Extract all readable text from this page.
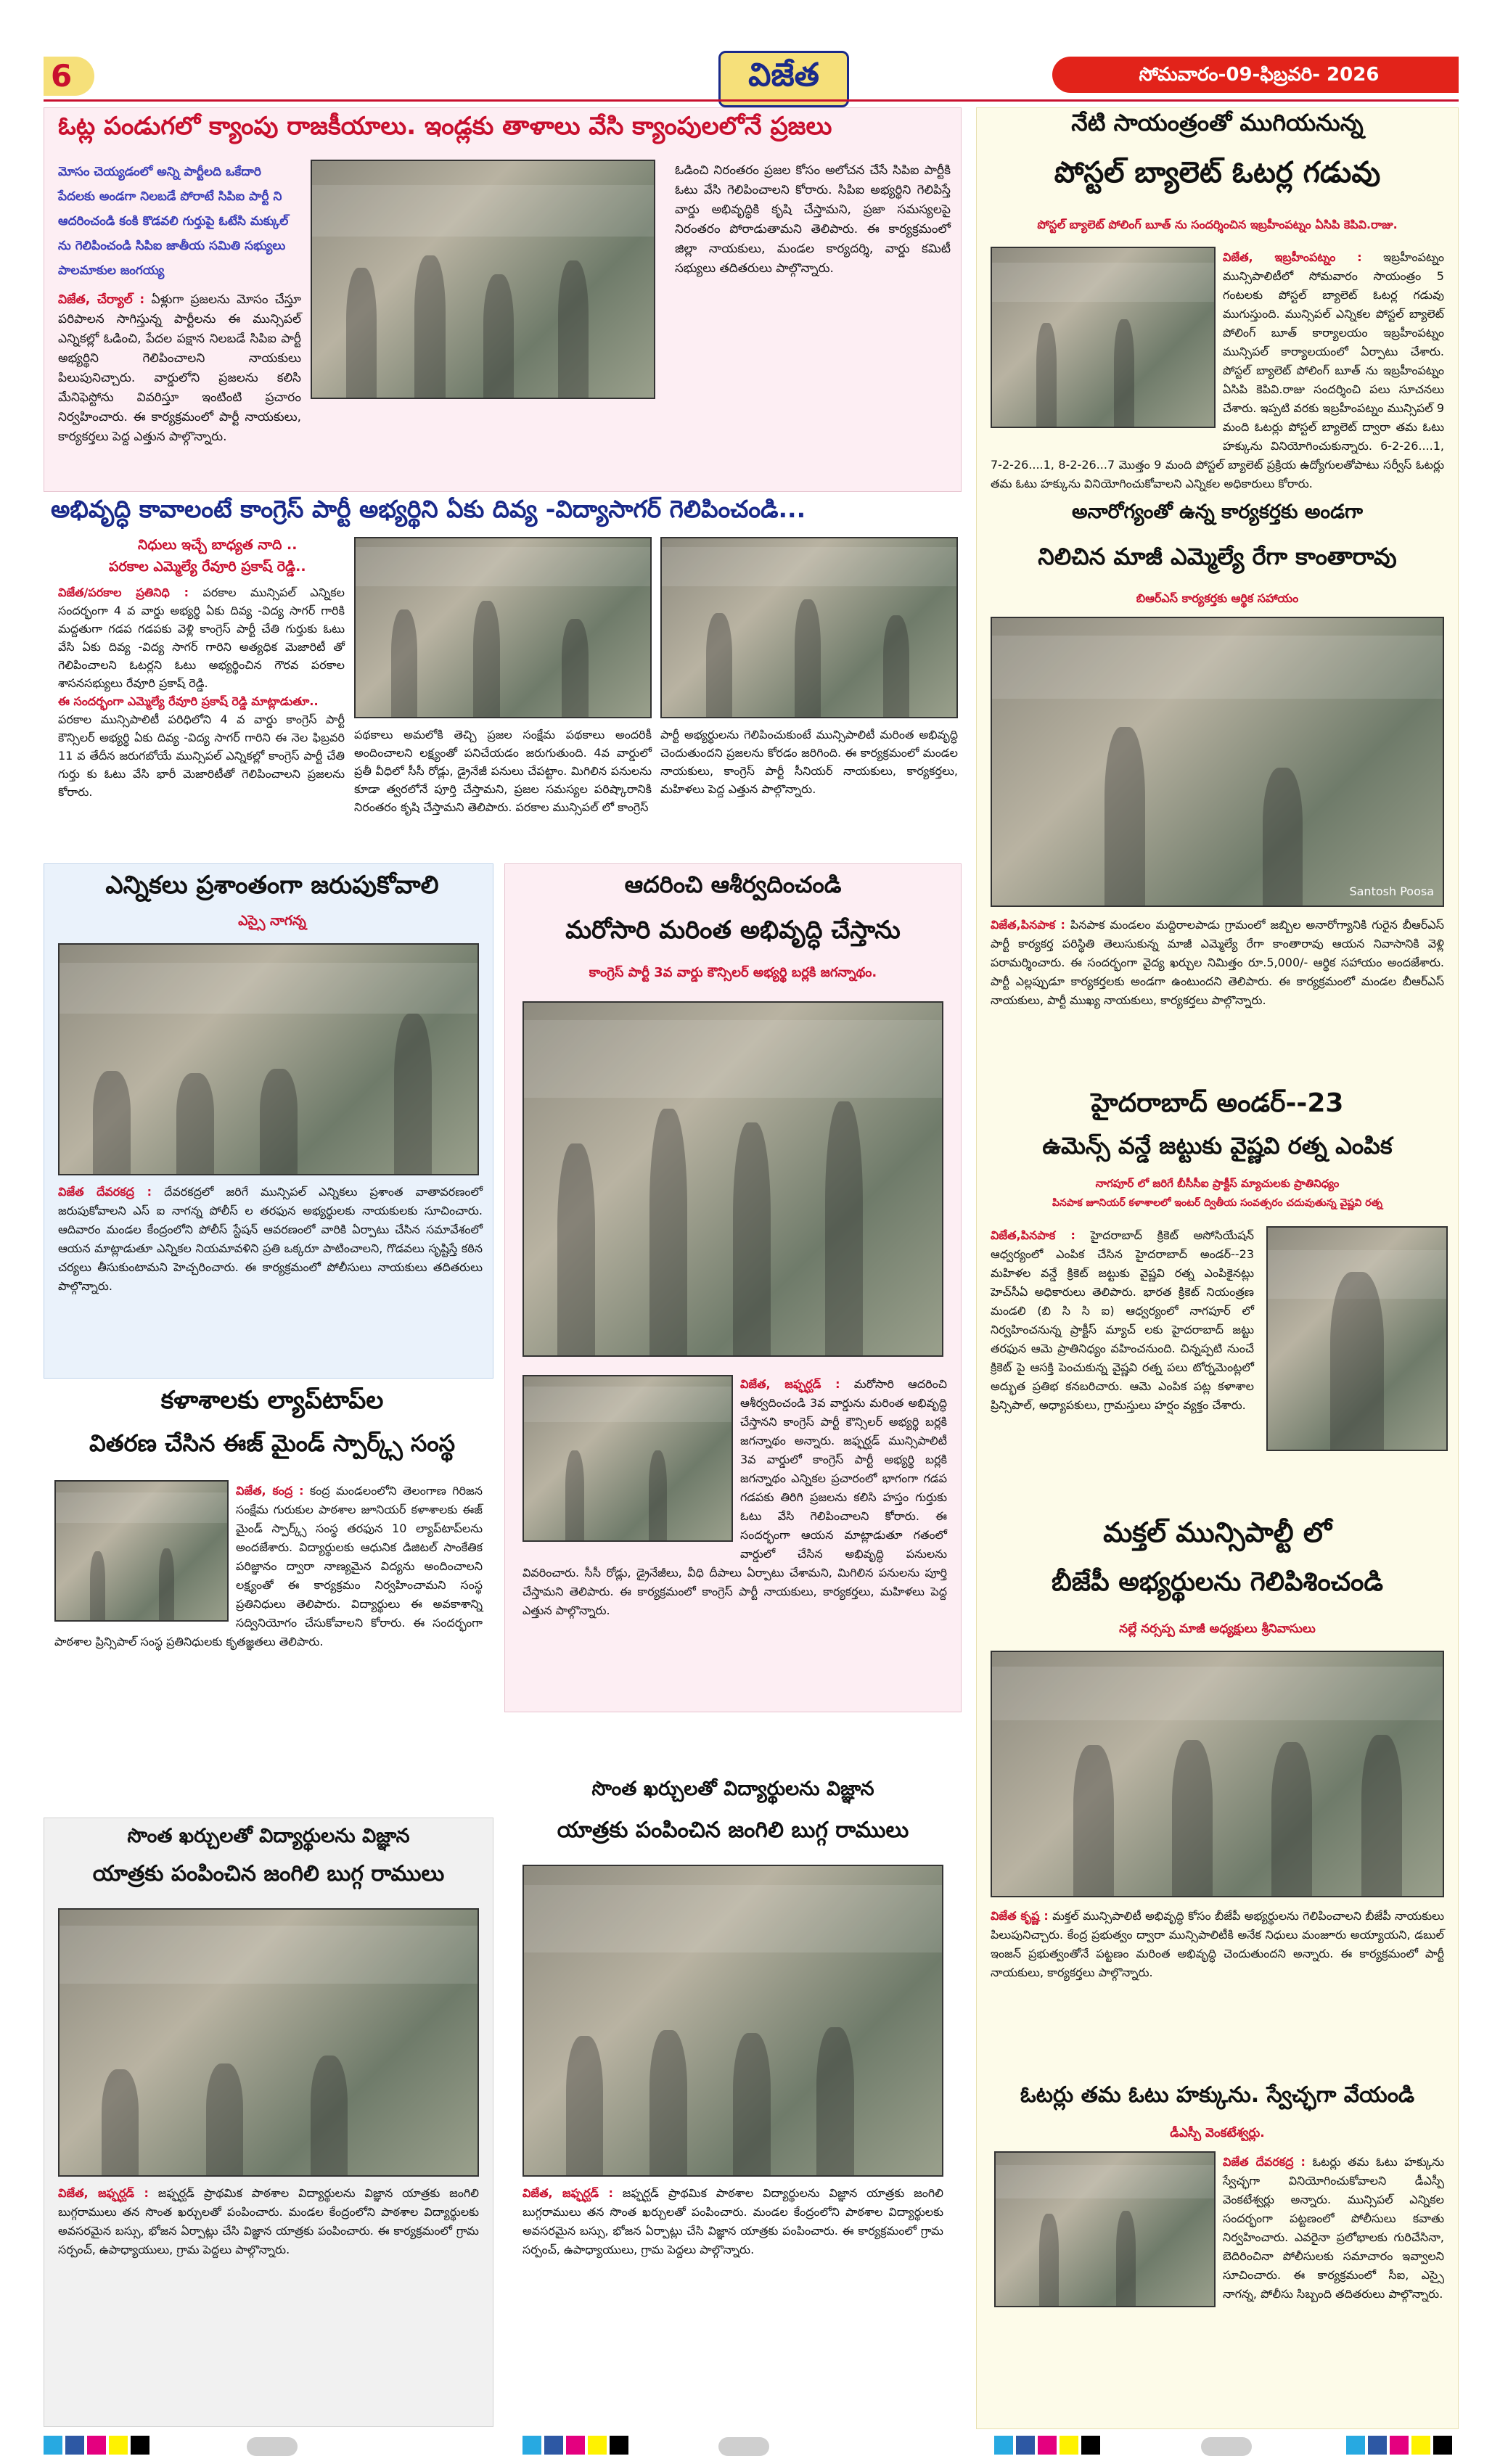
6	విజేత	సోమవారం-09-ఫిబ్రవరి- 2026
ఓట్ల పండుగలో క్యాంపు రాజకీయాలు. ఇండ్లకు తాళాలు వేసి క్యాంపులలోనే ప్రజలు
మోసం చెయ్యడంలో అన్ని పార్టీలది ఒకేదారి పేదలకు అండగా నిలబడే పోరాటే సిపిఐ పార్టీ ని ఆదరించండి కంకి కొడవలి గుర్తుపై ఓటేసి మక్కుల్ ను గెలిపించండి సిపిఐ జాతీయ సమితి సభ్యులు పాలమాకుల జంగయ్య
విజేత, చేర్యాల్ : ఏళ్లుగా ప్రజలను మోసం చేస్తూ పరిపాలన సాగిస్తున్న పార్టీలను ఈ మున్సిపల్ ఎన్నికల్లో ఓడించి, పేదల పక్షాన నిలబడే సిపిఐ పార్టీ అభ్యర్థిని గెలిపించాలని నాయకులు పిలుపునిచ్చారు. వార్డులోని ప్రజలను కలిసి మేనిఫెస్టోను వివరిస్తూ ఇంటింటి ప్రచారం నిర్వహించారు. ఈ కార్యక్రమంలో పార్టీ నాయకులు, కార్యకర్తలు పెద్ద ఎత్తున పాల్గొన్నారు.
ఓడించి నిరంతరం ప్రజల కోసం అలోచన చేసే సిపిఐ పార్టీకి ఓటు వేసి గెలిపించాలని కోరారు. సిపిఐ అభ్యర్థిని గెలిపిస్తే వార్డు అభివృద్ధికి కృషి చేస్తామని, ప్రజా సమస్యలపై నిరంతరం పోరాడుతామని తెలిపారు. ఈ కార్యక్రమంలో జిల్లా నాయకులు, మండల కార్యదర్శి, వార్డు కమిటీ సభ్యులు తదితరులు పాల్గొన్నారు.
అభివృద్ధి కావాలంటే కాంగ్రెస్ పార్టీ అభ్యర్థిని ఏకు దివ్య -విద్యాసాగర్ గెలిపించండి...
నిధులు ఇచ్చే బాధ్యత నాది ..
పరకాల ఎమ్మెల్యే రేవూరి ప్రకాష్ రెడ్డి..
విజేత/పరకాల ప్రతినిధి : పరకాల మున్సిపల్ ఎన్నికల సందర్భంగా 4 వ వార్డు అభ్యర్థి ఏకు దివ్య -విద్య సాగర్ గారికి మద్దతుగా గడప గడపకు వెళ్లి కాంగ్రెస్ పార్టీ చేతి గుర్తుకు ఓటు వేసి ఏకు దివ్య -విద్య సాగర్ గారిని అత్యధిక మెజారిటీ తో గెలిపించాలని ఓటర్లని ఓటు అభ్యర్థించిన గౌరవ పరకాల శాసనసభ్యులు రేవూరి ప్రకాష్ రెడ్డి.
ఈ సందర్భంగా ఎమ్మెల్యే రేవూరి ప్రకాష్ రెడ్డి మాట్లాడుతూ..
పరకాల మున్సిపాలిటీ పరిధిలోని 4 వ వార్డు కాంగ్రెస్ పార్టీ కౌన్సిలర్ అభ్యర్థి ఏకు దివ్య -విద్య సాగర్ గారిని ఈ నెల ఫిబ్రవరి 11 వ తేదీన జరుగబోయే మున్సిపల్ ఎన్నికల్లో కాంగ్రెస్ పార్టీ చేతి గుర్తు కు ఓటు వేసి భారీ మెజారిటీతో గెలిపించాలని ప్రజలను కోరారు.
పథకాలు అమలోకి తెచ్చి ప్రజల సంక్షేమ పథకాలు అందరికీ అందించాలని లక్ష్యంతో పనిచేయడం జరుగుతుంది. 4వ వార్డులో ప్రతీ వీధిలో సీసీ రోడ్లు, డ్రైనేజీ పనులు చేపట్టాం. మిగిలిన పనులను కూడా త్వరలోనే పూర్తి చేస్తామని, ప్రజల సమస్యల పరిష్కారానికి నిరంతరం కృషి చేస్తామని తెలిపారు. పరకాల మున్సిపల్ లో కాంగ్రెస్
పార్టీ అభ్యర్థులను గెలిపించుకుంటే మున్సిపాలిటీ మరింత అభివృద్ధి చెందుతుందని ప్రజలను కోరడం జరిగింది. ఈ కార్యక్రమంలో మండల నాయకులు, కాంగ్రెస్ పార్టీ సీనియర్ నాయకులు, కార్యకర్తలు, మహిళలు పెద్ద ఎత్తున పాల్గొన్నారు.
ఎన్నికలు ప్రశాంతంగా జరుపుకోవాలి
ఎస్సై నాగన్న
విజేత దేవరకద్ర : దేవరకద్రలో జరిగే మున్సిపల్ ఎన్నికలు ప్రశాంత వాతావరణంలో జరుపుకోవాలని ఎస్ ఐ నాగన్న పోలీస్ ల తరఫున అభ్యర్థులకు నాయకులకు సూచించారు. ఆదివారం మండల కేంద్రంలోని పోలీస్ స్టేషన్ ఆవరణంలో వారికి ఏర్పాటు చేసిన సమావేశంలో ఆయన మాట్లాడుతూ ఎన్నికల నియమావళిని ప్రతి ఒక్కరూ పాటించాలని, గొడవలు సృష్టిస్తే కఠిన చర్యలు తీసుకుంటామని హెచ్చరించారు. ఈ కార్యక్రమంలో పోలీసులు నాయకులు తదితరులు పాల్గొన్నారు.
కళాశాలకు ల్యాప్‌టాప్‌ల
వితరణ చేసిన ఈజ్ మైండ్ స్పార్క్స్ సంస్థ
విజేత, కంద్ర : కంద్ర మండలంలోని తెలంగాణ గిరిజన సంక్షేమ గురుకుల పాఠశాల జూనియర్ కళాశాలకు ఈజ్ మైండ్ స్పార్క్స్ సంస్థ తరఫున 10 ల్యాప్‌టాప్‌లను అందజేశారు. విద్యార్థులకు ఆధునిక డిజిటల్ సాంకేతిక పరిజ్ఞానం ద్వారా నాణ్యమైన విద్యను అందించాలని లక్ష్యంతో ఈ కార్యక్రమం నిర్వహించామని సంస్థ ప్రతినిధులు తెలిపారు. విద్యార్థులు ఈ అవకాశాన్ని సద్వినియోగం చేసుకోవాలని కోరారు. ఈ సందర్భంగా పాఠశాల ప్రిన్సిపాల్ సంస్థ ప్రతినిధులకు కృతజ్ఞతలు తెలిపారు.
సొంత ఖర్చులతో విద్యార్థులను విజ్ఞాన
యాత్రకు పంపించిన జంగిలి బుగ్గ రాములు
విజేత, జఫ్ఫర్ఘడ్ : జఫ్ఫర్ఘడ్ ప్రాథమిక పాఠశాల విద్యార్థులను విజ్ఞాన యాత్రకు జంగిలి బుగ్గరాములు తన సొంత ఖర్చులతో పంపించారు. మండల కేంద్రంలోని పాఠశాల విద్యార్థులకు అవసరమైన బస్సు, భోజన ఏర్పాట్లు చేసి విజ్ఞాన యాత్రకు పంపించారు. ఈ కార్యక్రమంలో గ్రామ సర్పంచ్, ఉపాధ్యాయులు, గ్రామ పెద్దలు పాల్గొన్నారు.
ఆదరించి ఆశీర్వదించండి
మరోసారి మరింత అభివృద్ధి చేస్తాను
కాంగ్రెస్ పార్టీ 3వ వార్డు కౌన్సిలర్ అభ్యర్థి బర్లకి జగన్నాథం.
విజేత, జఫ్ఫర్ఘడ్ : మరోసారి ఆదరించి ఆశీర్వదించండి 3వ వార్డును మరింత అభివృద్ధి చేస్తానని కాంగ్రెస్ పార్టీ కౌన్సిలర్ అభ్యర్థి బర్లకి జగన్నాథం అన్నారు. జఫ్ఫర్ఘడ్ మున్సిపాలిటీ 3వ వార్డులో కాంగ్రెస్ పార్టీ అభ్యర్థి బర్లకి జగన్నాథం ఎన్నికల ప్రచారంలో భాగంగా గడప గడపకు తిరిగి ప్రజలను కలిసి హస్తం గుర్తుకు ఓటు వేసి గెలిపించాలని కోరారు. ఈ సందర్భంగా ఆయన మాట్లాడుతూ గతంలో వార్డులో చేసిన అభివృద్ధి పనులను వివరించారు. సీసీ రోడ్లు, డ్రైనేజీలు, వీధి దీపాలు ఏర్పాటు చేశామని, మిగిలిన పనులను పూర్తి చేస్తామని తెలిపారు. ఈ కార్యక్రమంలో కాంగ్రెస్ పార్టీ నాయకులు, కార్యకర్తలు, మహిళలు పెద్ద ఎత్తున పాల్గొన్నారు.
సొంత ఖర్చులతో విద్యార్థులను విజ్ఞాన
యాత్రకు పంపించిన జంగిలి బుగ్గ రాములు
విజేత, జఫ్ఫర్ఘడ్ : జఫ్ఫర్ఘడ్ ప్రాథమిక పాఠశాల విద్యార్థులను విజ్ఞాన యాత్రకు జంగిలి బుగ్గరాములు తన సొంత ఖర్చులతో పంపించారు. మండల కేంద్రంలోని పాఠశాల విద్యార్థులకు అవసరమైన బస్సు, భోజన ఏర్పాట్లు చేసి విజ్ఞాన యాత్రకు పంపించారు. ఈ కార్యక్రమంలో గ్రామ సర్పంచ్, ఉపాధ్యాయులు, గ్రామ పెద్దలు పాల్గొన్నారు.
నేటి సాయంత్రంతో ముగియనున్న
పోస్టల్ బ్యాలెట్ ఓటర్ల గడువు
పోస్టల్ బ్యాలెట్ పోలింగ్ బూత్ ను సందర్శించిన ఇబ్రహీంపట్నం ఏసిపి కెపివి.రాజు.
విజేత, ఇబ్రహీంపట్నం : ఇబ్రహీంపట్నం మున్సిపాలిటీలో సోమవారం సాయంత్రం 5 గంటలకు పోస్టల్ బ్యాలెట్ ఓటర్ల గడువు ముగుస్తుంది. మున్సిపల్ ఎన్నికల పోస్టల్ బ్యాలెట్ పోలింగ్ బూత్ కార్యాలయం ఇబ్రహీంపట్నం మున్సిపల్ కార్యాలయంలో ఏర్పాటు చేశారు. పోస్టల్ బ్యాలెట్ పోలింగ్ బూత్ ను ఇబ్రహీంపట్నం ఏసిపి కెపివి.రాజు సందర్శించి పలు సూచనలు చేశారు. ఇప్పటి వరకు ఇబ్రహీంపట్నం మున్సిపల్ 9 మంది ఓటర్లు పోస్టల్ బ్యాలెట్ ద్వారా తమ ఓటు హక్కును వినియోగించుకున్నారు. 6-2-26....1, 7-2-26....1, 8-2-26...7 మొత్తం 9 మంది పోస్టల్ బ్యాలెట్ ప్రక్రియ ఉద్యోగులతోపాటు సర్వీస్ ఓటర్లు తమ ఓటు హక్కును వినియోగించుకోవాలని ఎన్నికల అధికారులు కోరారు.
అనారోగ్యంతో ఉన్న కార్యకర్తకు అండగా
నిలిచిన మాజీ ఎమ్మెల్యే రేగా కాంతారావు
బిఆర్ఎస్ కార్యకర్తకు ఆర్థిక సహాయం
Santosh Poosa
విజేత,పినపాక : పినపాక మండలం మద్దిరాలపాడు గ్రామంలో జబ్బిల అనారోగ్యానికి గురైన బీఆర్ఎస్ పార్టీ కార్యకర్త పరిస్థితి తెలుసుకున్న మాజీ ఎమ్మెల్యే రేగా కాంతారావు ఆయన నివాసానికి వెళ్లి పరామర్శించారు. ఈ సందర్భంగా వైద్య ఖర్చుల నిమిత్తం రూ.5,000/- ఆర్థిక సహాయం అందజేశారు. పార్టీ ఎల్లప్పుడూ కార్యకర్తలకు అండగా ఉంటుందని తెలిపారు. ఈ కార్యక్రమంలో మండల బీఆర్ఎస్ నాయకులు, పార్టీ ముఖ్య నాయకులు, కార్యకర్తలు పాల్గొన్నారు.
హైదరాబాద్ అండర్--23
ఉమెన్స్ వన్డే జట్టుకు వైష్ణవి రత్న ఎంపిక
నాగపూర్ లో జరిగే బీసీసీఐ ప్రాక్టీస్ మ్యాచులకు ప్రాతినిధ్యం
పినపాక జూనియర్ కళాశాలలో ఇంటర్ ద్వితీయ సంవత్సరం చదువుతున్న వైష్ణవి రత్న
విజేత,పినపాక : హైదరాబాద్ క్రికెట్ అసోసియేషన్ ఆధ్వర్యంలో ఎంపిక చేసిన హైదరాబాద్ అండర్--23 మహిళల వన్డే క్రికెట్ జట్టుకు వైష్ణవి రత్న ఎంపికైనట్లు హెచ్‌సీఏ అధికారులు తెలిపారు. భారత క్రికెట్ నియంత్రణ మండలి (బి సి సి ఐ) ఆధ్వర్యంలో నాగపూర్ లో నిర్వహించనున్న ప్రాక్టీస్ మ్యాచ్ లకు హైదరాబాద్ జట్టు తరఫున ఆమె ప్రాతినిధ్యం వహించనుంది. చిన్నప్పటి నుంచే క్రికెట్ పై ఆసక్తి పెంచుకున్న వైష్ణవి రత్న పలు టోర్నమెంట్లలో అద్భుత ప్రతిభ కనబరిచారు. ఆమె ఎంపిక పట్ల కళాశాల ప్రిన్సిపాల్, అధ్యాపకులు, గ్రామస్తులు హర్షం వ్యక్తం చేశారు.
మక్తల్ మున్సిపాల్టీ లో
బీజేపీ అభ్యర్థులను గెలిపిశించండి
నల్లే నర్సప్ప మాజీ అధ్యక్షులు శ్రీనివాసులు
విజేత కృష్ణ : మక్తల్ మున్సిపాలిటీ అభివృద్ధి కోసం బీజేపీ అభ్యర్థులను గెలిపించాలని బీజేపీ నాయకులు పిలుపునిచ్చారు. కేంద్ర ప్రభుత్వం ద్వారా మున్సిపాలిటీకి అనేక నిధులు మంజూరు అయ్యాయని, డబుల్ ఇంజన్ ప్రభుత్వంతోనే పట్టణం మరింత అభివృద్ధి చెందుతుందని అన్నారు. ఈ కార్యక్రమంలో పార్టీ నాయకులు, కార్యకర్తలు పాల్గొన్నారు.
ఓటర్లు తమ ఓటు హక్కును. స్వేచ్ఛగా వేయండి
డీఎస్పీ వెంకటేశ్వర్లు.
విజేత దేవరకద్ర : ఓటర్లు తమ ఓటు హక్కును స్వేచ్ఛగా వినియోగించుకోవాలని డీఎస్పీ వెంకటేశ్వర్లు అన్నారు. మున్సిపల్ ఎన్నికల సందర్భంగా పట్టణంలో పోలీసులు కవాతు నిర్వహించారు. ఎవరైనా ప్రలోభాలకు గురిచేసినా, బెదిరించినా పోలీసులకు సమాచారం ఇవ్వాలని సూచించారు. ఈ కార్యక్రమంలో సీఐ, ఎస్సై నాగన్న, పోలీసు సిబ్బంది తదితరులు పాల్గొన్నారు.
